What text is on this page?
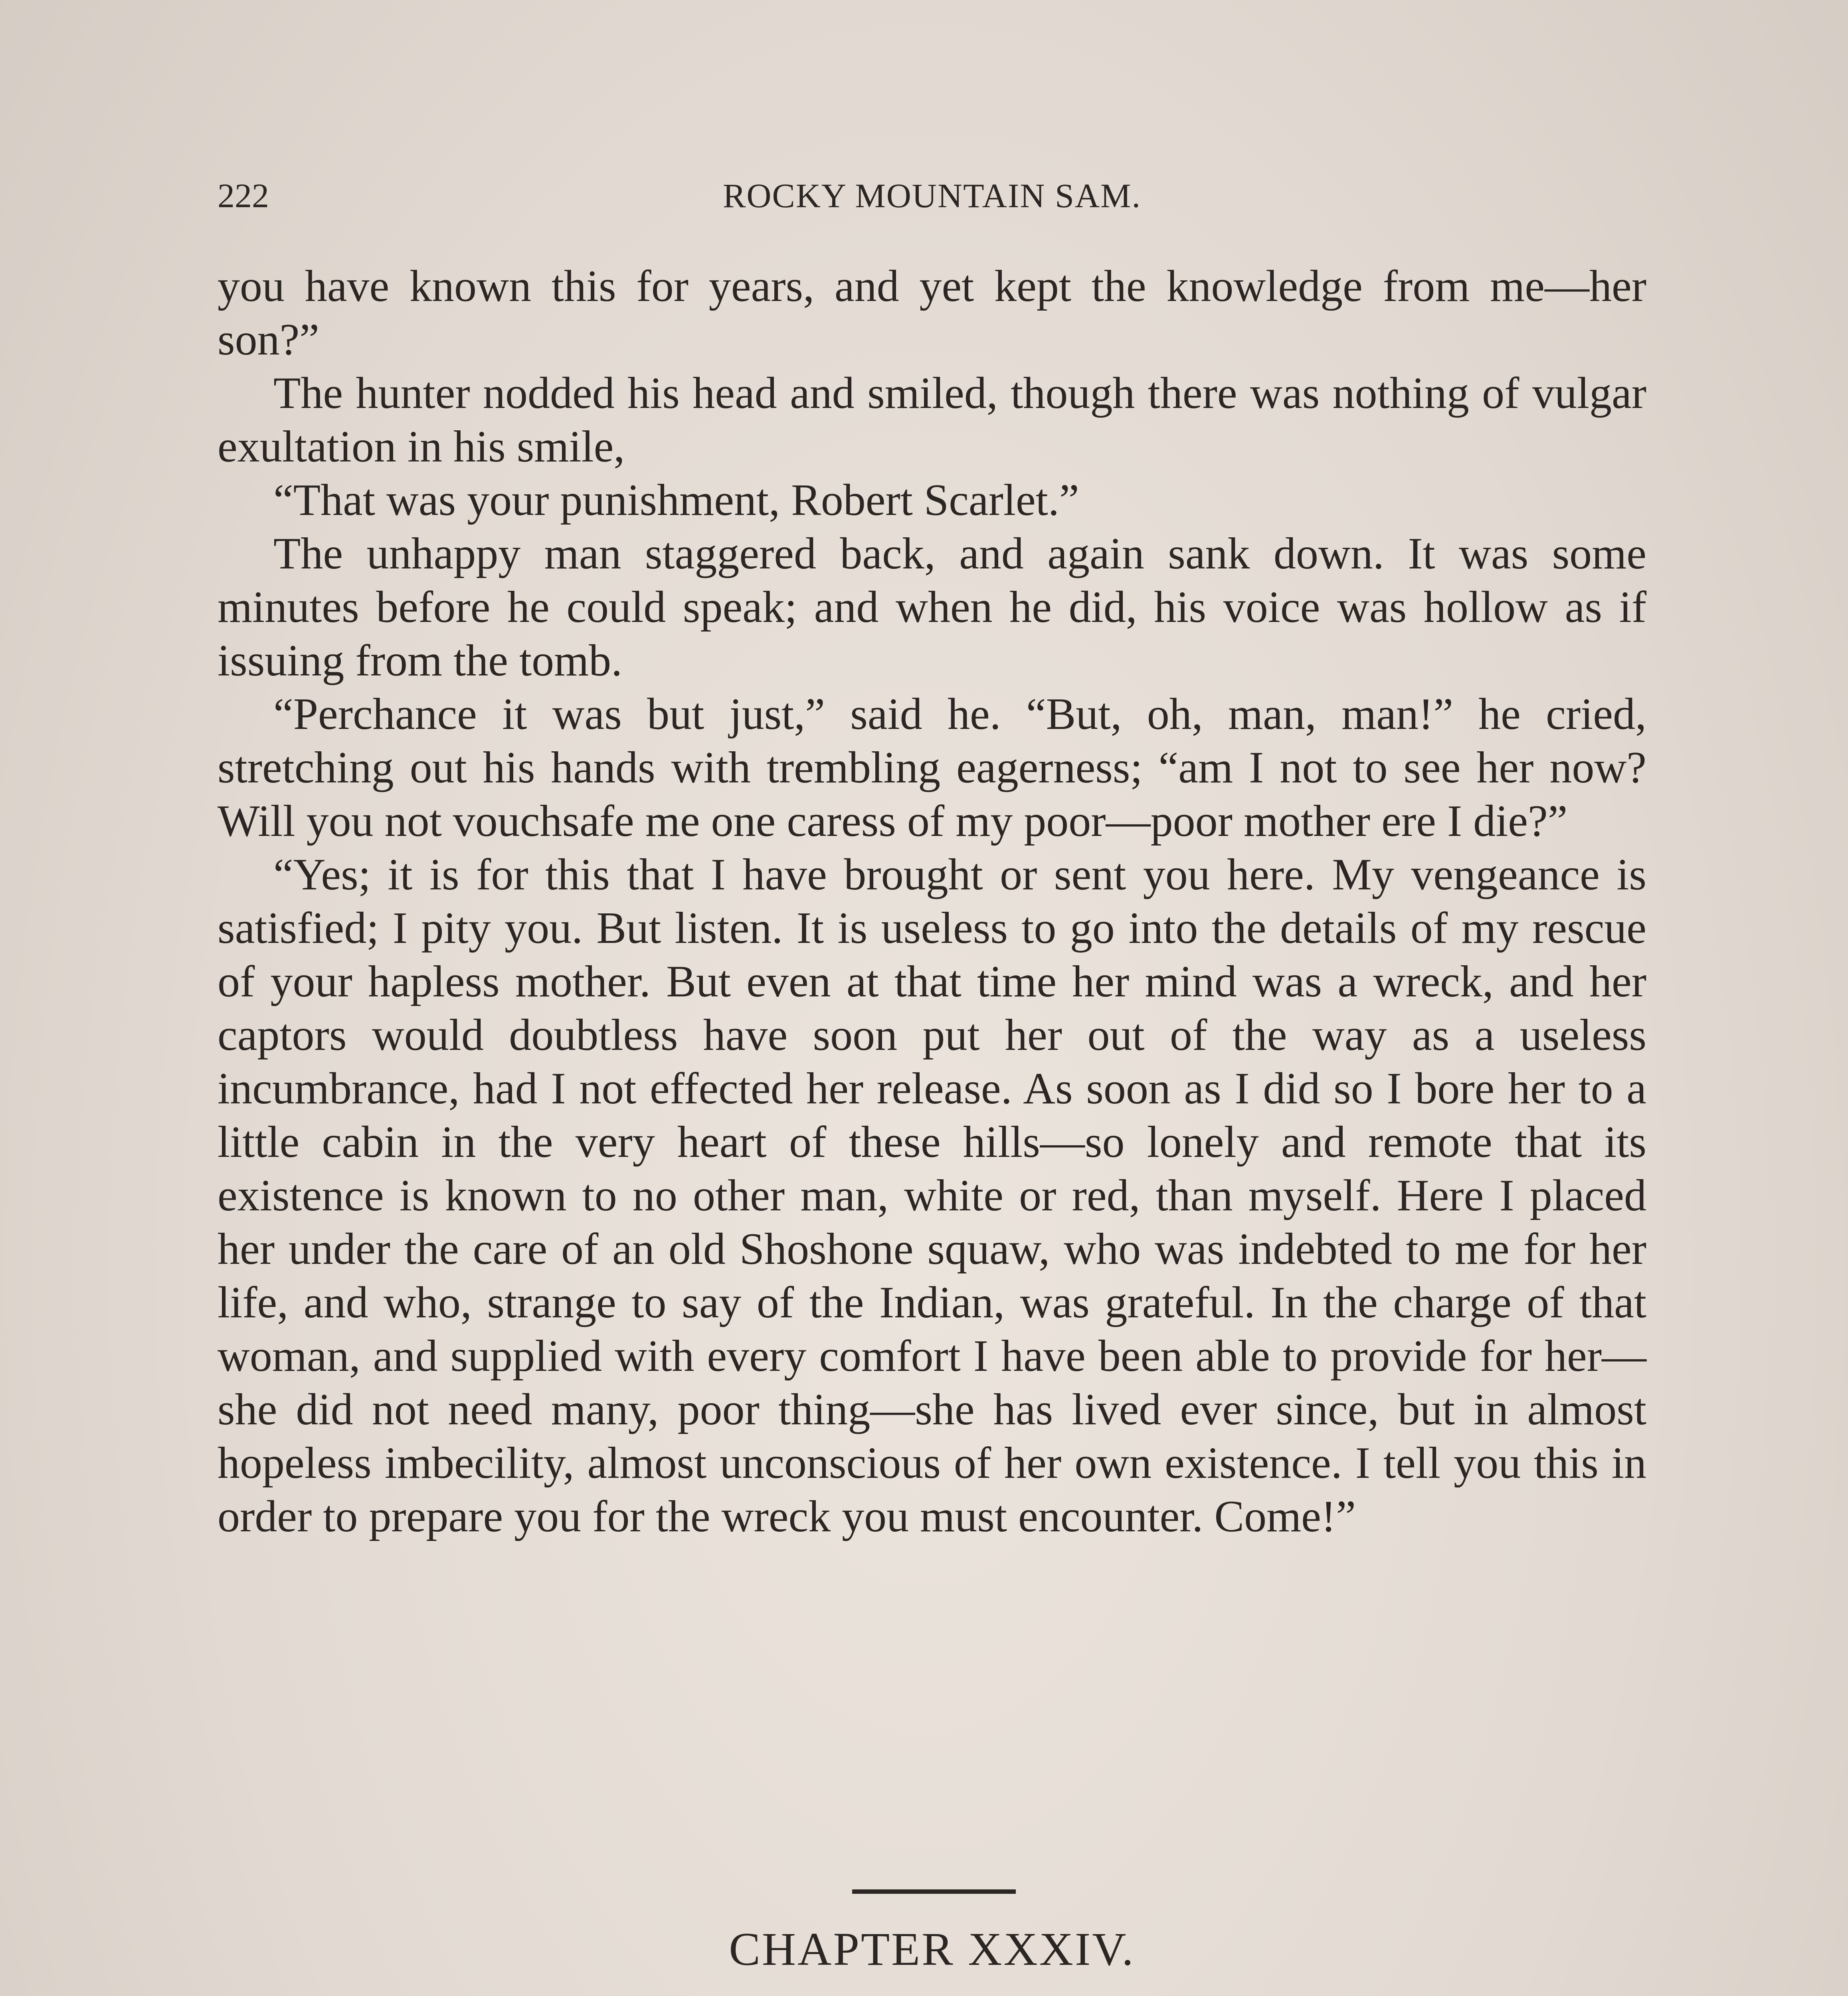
222	ROCKY MOUNTAIN SAM.

you have known this for years, and yet kept the knowledge from me—her son?”

The hunter nodded his head and smiled, though there was nothing of vulgar exultation in his smile,

“That was your punishment, Robert Scarlet.”

The unhappy man staggered back, and again sank down. It was some minutes before he could speak; and when he did, his voice was hollow as if issuing from the tomb.

“Perchance it was but just,” said he. “But, oh, man, man!” he cried, stretching out his hands with trembling eagerness; “am I not to see her now? Will you not vouchsafe me one caress of my poor—poor mother ere I die?”

“Yes; it is for this that I have brought or sent you here. My vengeance is satisfied; I pity you. But listen. It is useless to go into the details of my rescue of your hapless mother. But even at that time her mind was a wreck, and her captors would doubtless have soon put her out of the way as a useless incumbrance, had I not effected her release. As soon as I did so I bore her to a little cabin in the very heart of these hills—so lonely and remote that its existence is known to no other man, white or red, than myself. Here I placed her under the care of an old Shoshone squaw, who was indebted to me for her life, and who, strange to say of the Indian, was grateful. In the charge of that woman, and supplied with every comfort I have been able to provide for her—she did not need many, poor thing—she has lived ever since, but in almost hopeless imbecility, almost unconscious of her own existence. I tell you this in order to prepare you for the wreck you must encounter. Come!”

CHAPTER XXXIV.
